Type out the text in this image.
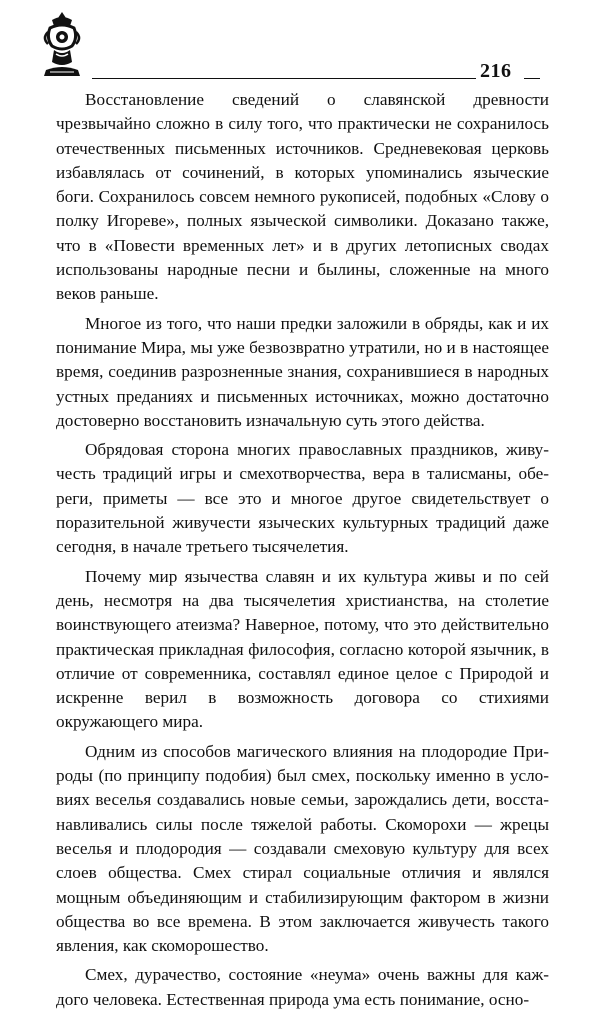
216

Восстановление сведений о славянской древности чрезвычайно сложно в силу того, что практически не сохранилось отечественных письменных источников. Средневековая церковь избавлялась от сочинений, в которых упоминались языческие боги. Сохранилось совсем немного рукописей, подобных «Слову о полку Игореве», полных языческой символики. Доказано также, что в «Повести временных лет» и в других летописных сводах использованы народные песни и былины, сложенные на много веков раньше.

Многое из того, что наши предки заложили в обряды, как и их понимание Мира, мы уже безвозвратно утратили, но и в настоящее время, соединив разрозненные знания, сохранившиеся в народных устных преданиях и письменных источниках, можно достаточно достоверно восстановить изначальную суть этого действа.

Обрядовая сторона многих православных праздников, живучесть традиций игры и смехотворчества, вера в талисманы, обереги, приметы — все это и многое другое свидетельствует о поразительной живучести языческих культурных традиций даже сегодня, в начале третьего тысячелетия.

Почему мир язычества славян и их культура живы и по сей день, несмотря на два тысячелетия христианства, на столетие воинствующего атеизма? Наверное, потому, что это действительно практическая прикладная философия, согласно которой язычник, в отличие от современника, составлял единое целое с Природой и искренне верил в возможность договора со стихиями окружающего мира.

Одним из способов магического влияния на плодородие Природы (по принципу подобия) был смех, поскольку именно в условиях веселья создавались новые семьи, зарождались дети, восстанавливались силы после тяжелой работы. Скоморохи — жрецы веселья и плодородия — создавали смеховую культуру для всех слоев общества. Смех стирал социальные отличия и являлся мощным объединяющим и стабилизирующим фактором в жизни общества во все времена. В этом заключается живучесть такого явления, как скоморошество.

Смех, дурачество, состояние «неума» очень важны для каждого человека. Естественная природа ума есть понимание, осно-
